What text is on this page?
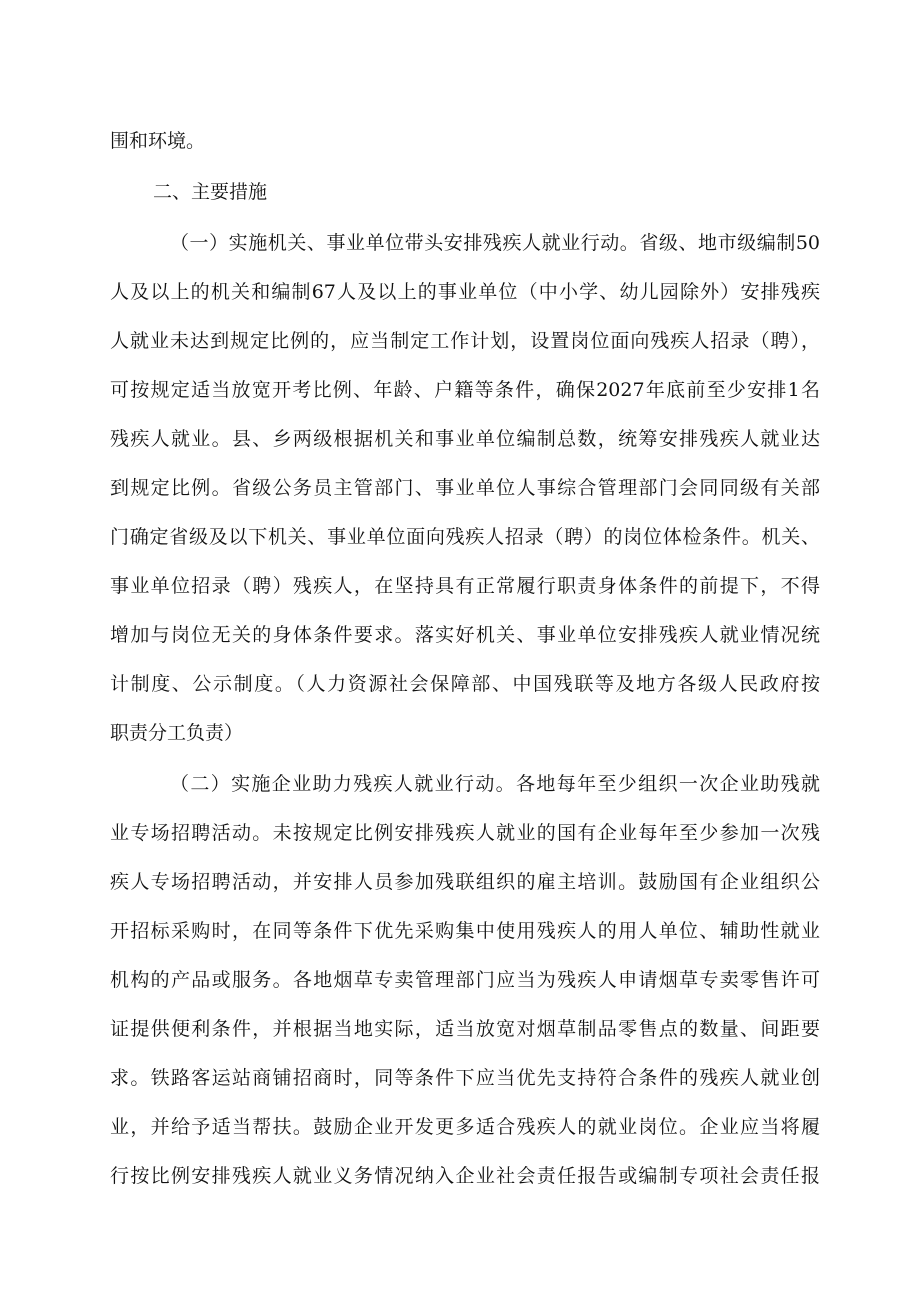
围和环境。
二、主要措施
（一）实施机关、事业单位带头安排残疾人就业行动。省级、地市级编制50
人及以上的机关和编制67人及以上的事业单位（中小学、幼儿园除外）安排残疾
人就业未达到规定比例的，应当制定工作计划，设置岗位面向残疾人招录（聘），
可按规定适当放宽开考比例、年龄、户籍等条件，确保2027年底前至少安排1名
残疾人就业。县、乡两级根据机关和事业单位编制总数，统筹安排残疾人就业达
到规定比例。省级公务员主管部门、事业单位人事综合管理部门会同同级有关部
门确定省级及以下机关、事业单位面向残疾人招录（聘）的岗位体检条件。机关、
事业单位招录（聘）残疾人，在坚持具有正常履行职责身体条件的前提下，不得
增加与岗位无关的身体条件要求。落实好机关、事业单位安排残疾人就业情况统
计制度、公示制度。（人力资源社会保障部、中国残联等及地方各级人民政府按
职责分工负责）
（二）实施企业助力残疾人就业行动。各地每年至少组织一次企业助残就
业专场招聘活动。未按规定比例安排残疾人就业的国有企业每年至少参加一次残
疾人专场招聘活动，并安排人员参加残联组织的雇主培训。鼓励国有企业组织公
开招标采购时，在同等条件下优先采购集中使用残疾人的用人单位、辅助性就业
机构的产品或服务。各地烟草专卖管理部门应当为残疾人申请烟草专卖零售许可
证提供便利条件，并根据当地实际，适当放宽对烟草制品零售点的数量、间距要
求。铁路客运站商铺招商时，同等条件下应当优先支持符合条件的残疾人就业创
业，并给予适当帮扶。鼓励企业开发更多适合残疾人的就业岗位。企业应当将履
行按比例安排残疾人就业义务情况纳入企业社会责任报告或编制专项社会责任报
